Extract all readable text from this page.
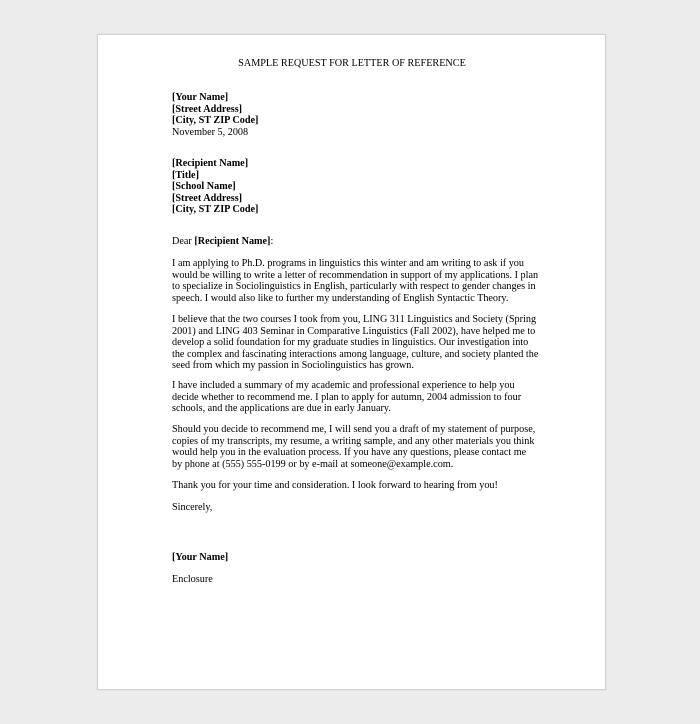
SAMPLE REQUEST FOR LETTER OF REFERENCE
[Your Name]
[Street Address]
[City, ST ZIP Code]
November 5, 2008
[Recipient Name]
[Title]
[School Name]
[Street Address]
[City, ST ZIP Code]
Dear [Recipient Name]:
I am applying to Ph.D. programs in linguistics this winter and am writing to ask if you
would be willing to write a letter of recommendation in support of my applications. I plan
to specialize in Sociolinguistics in English, particularly with respect to gender changes in
speech. I would also like to further my understanding of English Syntactic Theory.
I believe that the two courses I took from you, LING 311 Linguistics and Society (Spring
2001) and LING 403 Seminar in Comparative Linguistics (Fall 2002), have helped me to
develop a solid foundation for my graduate studies in linguistics. Our investigation into
the complex and fascinating interactions among language, culture, and society planted the
seed from which my passion in Sociolinguistics has grown.
I have included a summary of my academic and professional experience to help you
decide whether to recommend me. I plan to apply for autumn, 2004 admission to four
schools, and the applications are due in early January.
Should you decide to recommend me, I will send you a draft of my statement of purpose,
copies of my transcripts, my resume, a writing sample, and any other materials you think
would help you in the evaluation process. If you have any questions, please contact me
by phone at (555) 555-0199 or by e-mail at someone@example.com.
Thank you for your time and consideration. I look forward to hearing from you!
Sincerely,
[Your Name]
Enclosure
